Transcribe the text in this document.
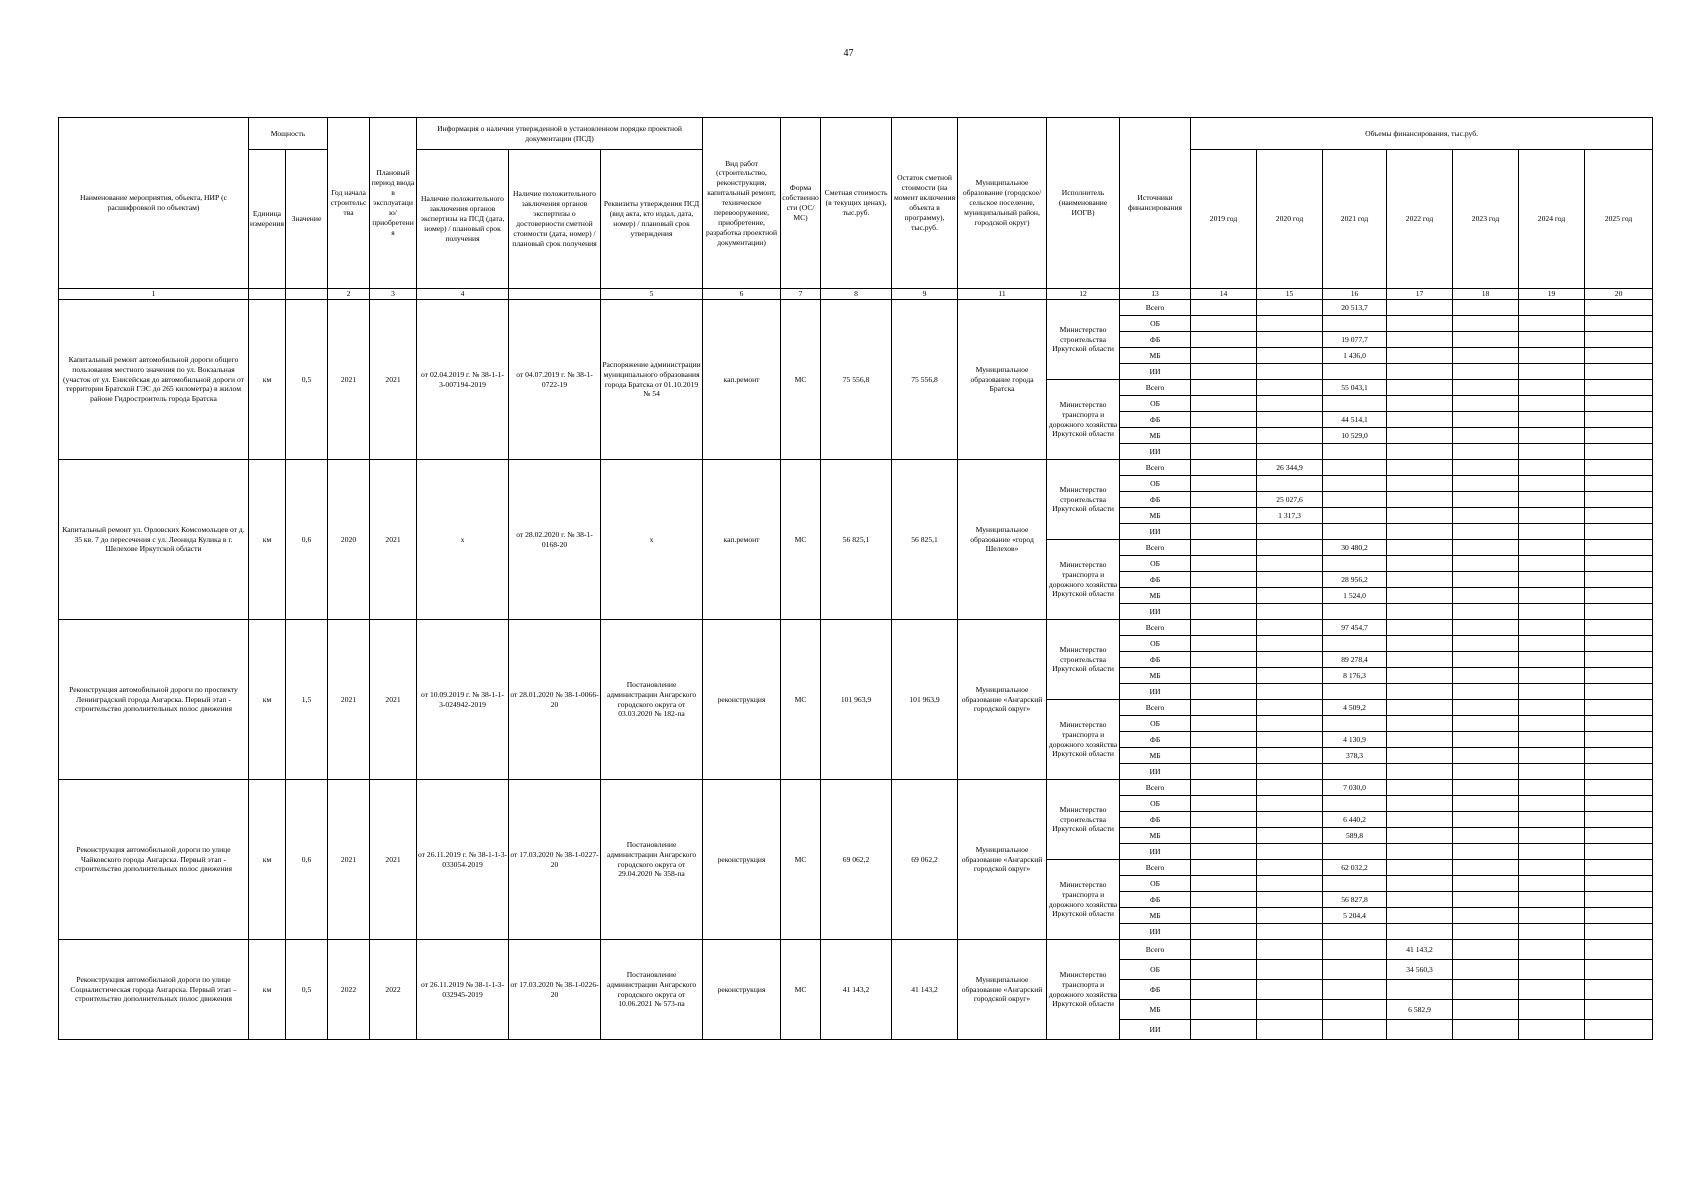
47
Наименование мероприятия, объекта, НИР (с расшифровкой по объектам)	Мощность		Год начала строительства	Плановый период ввода в эксплуатацию/приобретения	Информация о наличии утвержденной в установленном порядке проектной документации (ПСД)			Вид работ (строительство, реконструкция, капитальный ремонт, техническое перевооружение, приобретение, разработка проектной документации)	Форма собственности (ОС/ МС)	Сметная стоимость (в текущих ценах), тыс.руб.	Остаток сметной стоимости (на момент включения объекта в программу), тыс.руб.	Муниципальное образование (городское/сельское поселение, муниципальный район, городской округ)	Исполнитель (наименование ИОГВ)	Источники финансирования	Объемы финансирования, тыс.руб.						
	Единица измерения	Значение			Наличие положительного заключения органов экспертизы на ПСД (дата, номер) / плановый срок получения	Наличие положительного заключения органов экспертизы о достоверности сметной стоимости (дата, номер) / плановый срок получения	Реквизиты утверждения ПСД (вид акта, кто издал, дата, номер) / плановый срок утверждения								2019 год	2020 год	2021 год	2022 год	2023 год	2024 год	2025 год
1			2	3	4		5	6	7	8	9	11	12	13	14	15	16	17	18	19	20
Капитальный ремонт автомобильной дороги общего пользования местного значения по ул. Вокзальная (участок от ул. Енисейская до автомобильной дороги от территории Братской ГЭС до 265 километра) в жилом районе Гидростроитель города Братска	км	0,5	2021	2021	от 02.04.2019 г. № 38-1-1-3-007194-2019	от 04.07.2019 г. № 38-1-0722-19	Распоряжение администрации муниципального образования города Братска от 01.10.2019 № 54	кап.ремонт	МС	75 556,8	75 556,8	Муниципальное образование города Братска	Министерство строительства Иркутской области	Всего			20 513,7				
														ОБ							
														ФБ			19 077,7				
														МБ			1 436,0				
														ИИ							
													Министерство транспорта и дорожного хозяйства Иркутской области	Всего			55 043,1				
														ОБ							
														ФБ			44 514,1				
														МБ			10 529,0				
														ИИ							
Капитальный ремонт ул. Орловских Комсомольцев от д. 35 кв. 7 до пересечения с ул. Леонида Кулика в г. Шелехове Иркутской области	км	0,6	2020	2021	х	от 28.02.2020 г. № 38-1-0168-20	х	кап.ремонт	МС	56 825,1	56 825,1	Муниципальное образование «город Шелехов»	Министерство строительства Иркутской области	Всего		26 344,9					
														ОБ							
														ФБ		25 027,6					
														МБ		1 317,3					
														ИИ							
													Министерство транспорта и дорожного хозяйства Иркутской области	Всего			30 480,2				
														ОБ							
														ФБ			28 956,2				
														МБ			1 524,0				
														ИИ							
Реконструкция автомобильной дороги по проспекту Ленинградский города Ангарска. Первый этап - строительство дополнительных полос движения	км	1,5	2021	2021	от 10.09.2019 г. № 38-1-1-3-024942-2019	от 28.01.2020 № 38-1-0066-20	Постановление администрации Ангарского городского округа от 03.03.2020 № 182-па	реконструкция	МС	101 963,9	101 963,9	Муниципальное образование «Ангарский городской округ»	Министерство строительства Иркутской области	Всего			97 454,7				
														ОБ							
														ФБ			89 278,4				
														МБ			8 176,3				
														ИИ							
													Министерство транспорта и дорожного хозяйства Иркутской области	Всего			4 509,2				
														ОБ							
														ФБ			4 130,9				
														МБ			378,3				
														ИИ							
Реконструкция автомобильной дороги по улице Чайковского города Ангарска. Первый этап - строительство дополнительных полос движения	км	0,6	2021	2021	от 26.11.2019 г. № 38-1-1-3-033054-2019	от 17.03.2020 № 38-1-0227-20	Постановление администрации Ангарского городского округа от 29.04.2020 № 358-па	реконструкция	МС	69 062,2	69 062,2	Муниципальное образование «Ангарский городской округ»	Министерство строительства Иркутской области	Всего			7 030,0				
														ОБ							
														ФБ			6 440,2				
														МБ			589,8				
														ИИ							
													Министерство транспорта и дорожного хозяйства Иркутской области	Всего			62 032,2				
														ОБ							
														ФБ			56 827,8				
														МБ			5 204,4				
														ИИ							
Реконструкция автомобильной дороги по улице Социалистическая города Ангарска. Первый этап – строительство дополнительных полос движения	км	0,5	2022	2022	от 26.11.2019 № 38-1-1-3-032945-2019	от 17.03.2020 № 38-1-0226-20	Постановление администрации Ангарского городского округа от 10.06.2021 № 573-па	реконструкция	МС	41 143,2	41 143,2	Муниципальное образование «Ангарский городской округ»	Министерство транспорта и дорожного хозяйства Иркутской области	Всего				41 143,2			
														ОБ				34 560,3			
														ФБ							
														МБ				6 582,9			
														ИИ							
